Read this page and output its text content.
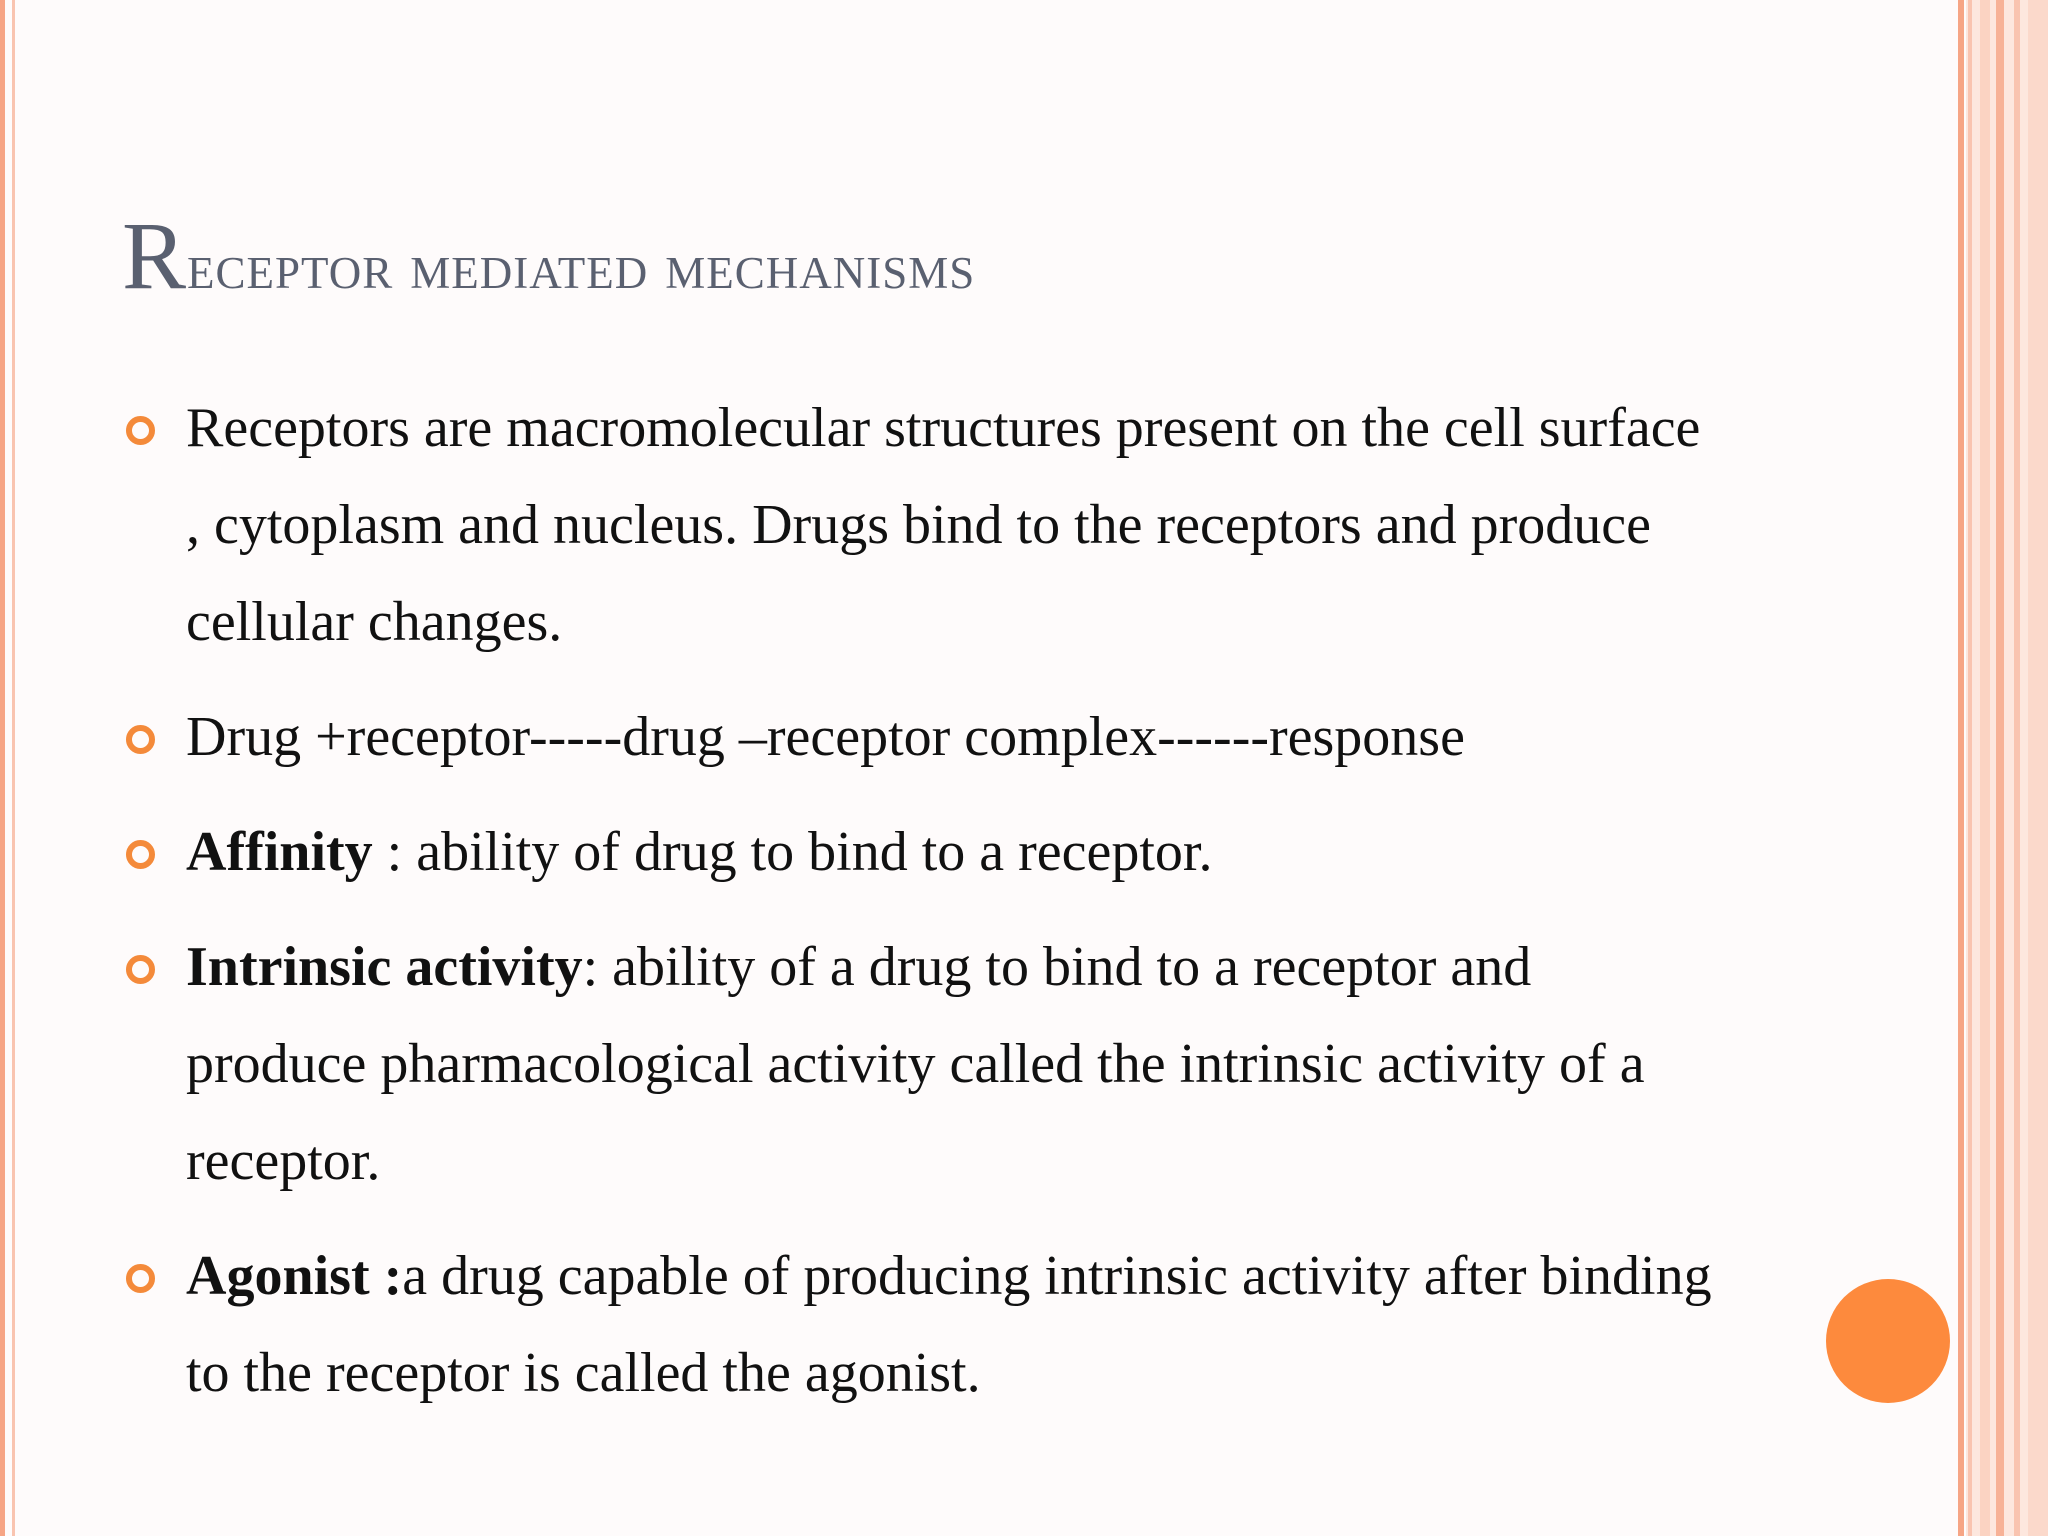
Receptor mediated mechanisms
Receptors are macromolecular structures present on the cell surface , cytoplasm and nucleus. Drugs bind to the receptors and produce cellular changes.
Drug +receptor-----drug –receptor complex------response
Affinity : ability of drug to bind to a receptor.
Intrinsic activity: ability of a drug to bind to a receptor and produce pharmacological activity called the intrinsic activity of a receptor.
Agonist :a drug capable of producing intrinsic activity after binding to the receptor is called the agonist.
